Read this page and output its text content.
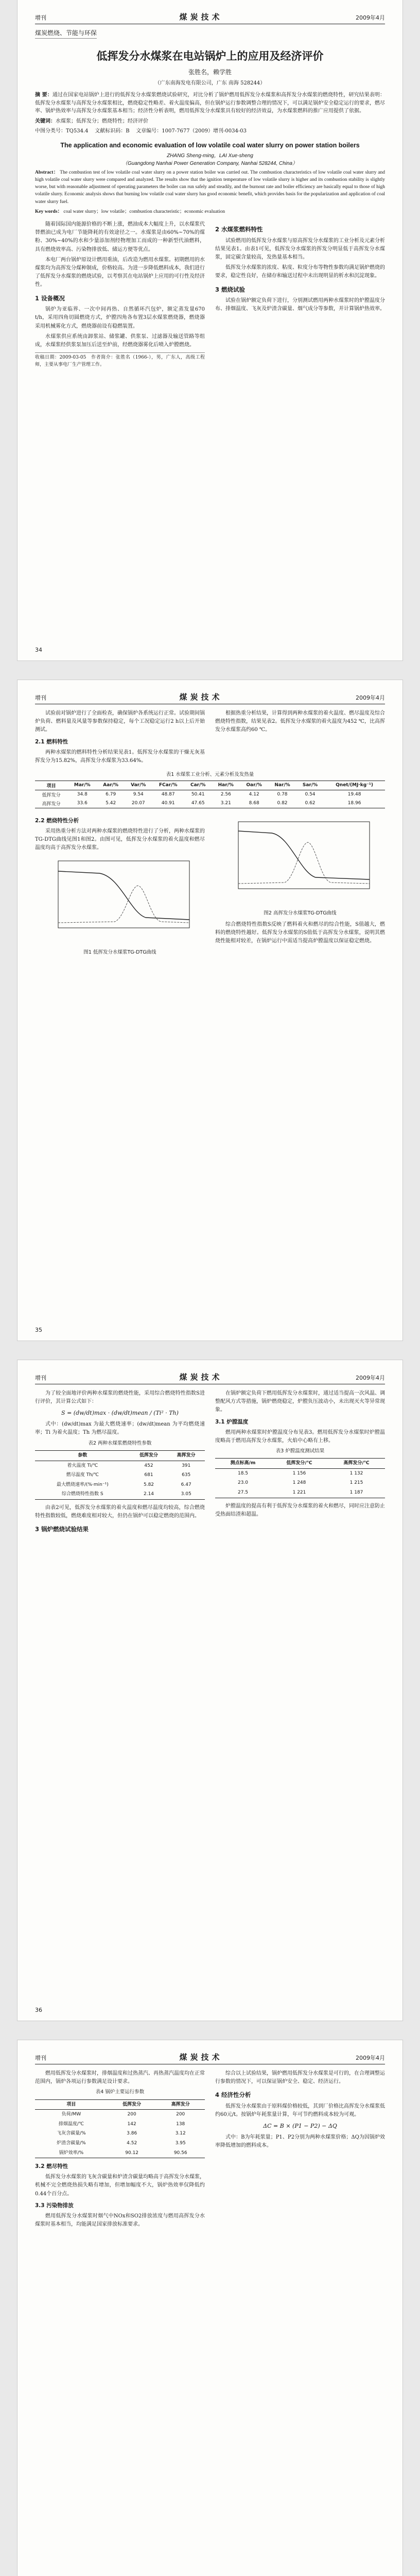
增刊	煤炭技术	2009年4月
煤炭燃烧、节能与环保
低挥发分水煤浆在电站锅炉上的应用及经济评价
张胜名，赖学胜
（广东南海发电有限公司，广东 南海 528244）
摘 要：通过在国家电站锅炉上进行的低挥发分水煤浆燃烧试验研究，对比分析了锅炉燃用低挥发分水煤浆和高挥发分水煤浆的燃烧特性，研究结果表明：低挥发分水煤浆与高挥发分水煤浆相比，燃烧稳定性略差、着火温度偏高，但在锅炉运行参数调整合理的情况下，可以满足锅炉安全稳定运行的要求，燃尽率、锅炉热效率与高挥发分水煤浆基本相当；经济性分析表明，燃用低挥发分水煤浆具有较好的经济效益，为水煤浆燃料的推广应用提供了依据。
关键词：水煤浆；低挥发分；燃烧特性；经济评价
中图分类号：TQ534.4 文献标识码：B 文章编号：1007-7677（2009）增刊-0034-03
The application and economic evaluation of low volatile coal water slurry on power station boilers
ZHANG Sheng-ming，LAI Xue-sheng
（Guangdong Nanhai Power Generation Company, Nanhai 528244, China）
Abstract： The combustion test of low volatile coal water slurry on a power station boiler was carried out. The combustion characteristics of low volatile coal water slurry and high volatile coal water slurry were compared and analyzed. The results show that the ignition temperature of low volatile slurry is higher and its combustion stability is slightly worse, but with reasonable adjustment of operating parameters the boiler can run safely and steadily, and the burnout rate and boiler efficiency are basically equal to those of high volatile slurry. Economic analysis shows that burning low volatile coal water slurry has good economic benefit, which provides basis for the popularization and application of coal water slurry fuel.
Key words： coal water slurry；low volatile；combustion characteristic；economic evaluation

随着国际国内能源价格的不断上涨，燃油成本大幅度上升，以水煤浆代替燃油已成为电厂节能降耗的有效途径之一。水煤浆是由60%~70%的煤粉、30%~40%的水和少量添加剂经物理加工而成的一种新型代油燃料，具有燃烧效率高、污染物排放低、储运方便等优点。

本电厂两台锅炉原设计燃用重油，后改造为燃用水煤浆。初期燃用的水煤浆均为高挥发分煤种制成，价格较高。为进一步降低燃料成本，我们进行了低挥发分水煤浆的燃烧试验，以考察其在电站锅炉上应用的可行性及经济性。

1 设备概况

锅炉为亚临界、一次中间再热、自然循环汽包炉，额定蒸发量670 t/h，采用四角切圆燃烧方式，炉膛四角各布置3层水煤浆燃烧器，燃烧器采用机械雾化方式，燃烧器前设有稳燃装置。

水煤浆供应系统由卸浆站、储浆罐、供浆泵、过滤器及输送管路等组成，水煤浆经供浆泵加压后送至炉前，经燃烧器雾化后喷入炉膛燃烧。

收稿日期：2009-03-05　作者简介：张胜名（1966-），男，广东人，高级工程师，主要从事电厂生产管理工作。
2 水煤浆燃料特性

试验燃用的低挥发分水煤浆与原高挥发分水煤浆的工业分析及元素分析结果见表1。由表1可见，低挥发分水煤浆的挥发分明显低于高挥发分水煤浆，固定碳含量较高，发热量基本相当。

低挥发分水煤浆的浓度、粘度、粒度分布等物性参数均满足锅炉燃烧的要求，稳定性良好，在储存和输送过程中未出现明显的析水和沉淀现象。

3 燃烧试验

试验在锅炉额定负荷下进行，分别测试燃用两种水煤浆时的炉膛温度分布、排烟温度、飞灰及炉渣含碳量、烟气成分等参数，并计算锅炉热效率。

34
增刊	煤炭技术	2009年4月

试验前对锅炉进行了全面检查，确保锅炉各系统运行正常。试验期间锅炉负荷、燃料量及风量等参数保持稳定，每个工况稳定运行2 h以上后开始测试。

2.1 燃料特性

两种水煤浆的燃料特性分析结果见表1。低挥发分水煤浆的干燥无灰基挥发分为15.82%，高挥发分水煤浆为33.64%。

根据热重分析结果，计算得到两种水煤浆的着火温度、燃尽温度及综合燃烧特性指数，结果见表2。低挥发分水煤浆的着火温度为452 ℃，比高挥发分水煤浆高约60 ℃。

表1 水煤浆工业分析、元素分析及发热量
项目	Mar/%	Aar/%	Var/%	FCar/%	Car/%	Har/%	Oar/%	Nar/%	Sar/%	Qnet/(MJ·kg⁻¹)
低挥发分	34.8	6.79	9.54	48.87	50.41	2.56	4.12	0.78	0.54	19.48
高挥发分	33.6	5.42	20.07	40.91	47.65	3.21	8.68	0.82	0.62	18.96
2.2 燃烧特性分析

采用热重分析方法对两种水煤浆的燃烧特性进行了分析，两种水煤浆的TG-DTG曲线见图1和图2。由图可见，低挥发分水煤浆的着火温度和燃尽温度均高于高挥发分水煤浆。

图1 低挥发分水煤浆TG-DTG曲线
图2 高挥发分水煤浆TG-DTG曲线

综合燃烧特性指数S反映了燃料着火和燃尽的综合性能，S值越大，燃料的燃烧特性越好。低挥发分水煤浆的S值低于高挥发分水煤浆，说明其燃烧性能相对较差，在锅炉运行中需适当提高炉膛温度以保证稳定燃烧。

35
增刊	煤炭技术	2009年4月

为了较全面地评价两种水煤浆的燃烧性能，采用综合燃烧特性指数S进行评价，其计算公式如下：

S = (dw/dt)max · (dw/dt)mean / (Ti² · Th)

式中：(dw/dt)max 为最大燃烧速率；(dw/dt)mean 为平均燃烧速率；Ti 为着火温度；Th 为燃尽温度。

表2 两种水煤浆燃烧特性参数
参数	低挥发分	高挥发分
着火温度 Ti/℃	452	391
燃尽温度 Th/℃	681	635
最大燃烧速率/(%·min⁻¹)	5.82	6.47
综合燃烧特性指数 S	2.14	3.05

由表2可见，低挥发分水煤浆的着火温度和燃尽温度均较高，综合燃烧特性指数较低，燃烧难度相对较大，但仍在锅炉可以稳定燃烧的范围内。

3 锅炉燃烧试验结果

在锅炉额定负荷下燃用低挥发分水煤浆时，通过适当提高一次风温、调整配风方式等措施，锅炉燃烧稳定，炉膛负压波动小，未出现灭火等异常现象。

3.1 炉膛温度

燃用两种水煤浆时炉膛温度分布见表3。燃用低挥发分水煤浆时炉膛温度略高于燃用高挥发分水煤浆，火焰中心略有上移。

表3 炉膛温度测试结果
测点标高/m	低挥发分/℃	高挥发分/℃
18.5	1 156	1 132
23.0	1 248	1 215
27.5	1 221	1 187

炉膛温度的提高有利于低挥发分水煤浆的着火和燃尽，同时应注意防止受热面结渣和超温。

36
增刊	煤炭技术	2009年4月

燃用低挥发分水煤浆时，排烟温度和过热蒸汽、再热蒸汽温度均在正常范围内，锅炉各项运行参数满足设计要求。

表4 锅炉主要运行参数
项目	低挥发分	高挥发分
负荷/MW	200	200
排烟温度/℃	142	138
飞灰含碳量/%	3.86	3.12
炉渣含碳量/%	4.52	3.95
锅炉效率/%	90.12	90.56
3.2 燃尽特性

低挥发分水煤浆的飞灰含碳量和炉渣含碳量均略高于高挥发分水煤浆，机械不完全燃烧热损失略有增加，但增加幅度不大，锅炉热效率仅降低约0.44个百分点。

3.3 污染物排放

燃用低挥发分水煤浆时烟气中NOx和SO2排放浓度与燃用高挥发分水煤浆时基本相当，均能满足国家排放标准要求。

综合以上试验结果，锅炉燃用低挥发分水煤浆是可行的，在合理调整运行参数的情况下，可以保证锅炉安全、稳定、经济运行。

4 经济性分析

低挥发分水煤浆由于原料煤价格较低，其到厂价格比高挥发分水煤浆低约60元/t。按锅炉年耗浆量计算，年可节约燃料成本较为可观。

ΔC = B × (P1 − P2) − ΔQ

式中：B为年耗浆量；P1、P2分别为两种水煤浆价格；ΔQ为因锅炉效率降低增加的燃料成本。
